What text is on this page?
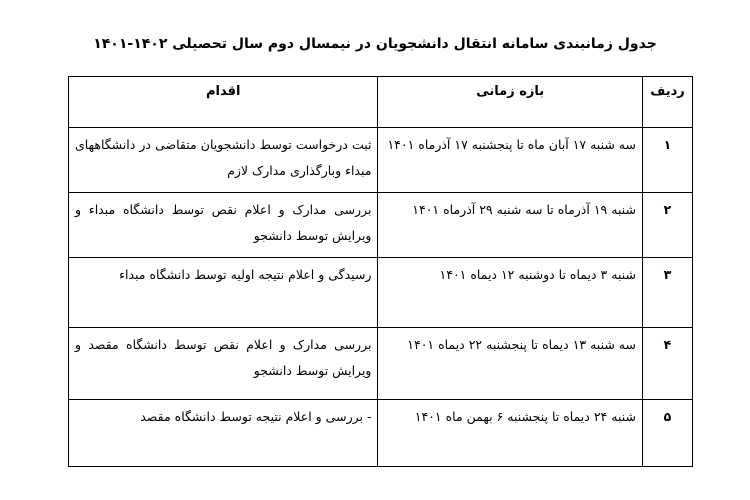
جدول زمانبندی سامانه انتقال دانشجویان در نیمسال دوم سال تحصیلی ۱۴۰۲-۱۴۰۱
ردیف	بازه زمانی	اقدام
۱	سه شنبه ۱۷ آبان ماه تا پنجشنبه ۱۷ آذرماه ۱۴۰۱	ثبت درخواست توسط دانشجویان متقاضی در دانشگاههای مبداء وبارگذاری مدارک لازم
۲	شنبه ۱۹ آذرماه تا سه شنبه ۲۹ آذرماه ۱۴۰۱	بررسی مدارک و اعلام نقص توسط دانشگاه مبداء و ویرایش توسط دانشجو
۳	شنبه ۳ دیماه تا دوشنبه ۱۲ دیماه ۱۴۰۱	رسیدگی و اعلام نتیجه اولیه توسط دانشگاه مبداء
۴	سه شنبه ۱۳ دیماه تا پنجشنبه ۲۲ دیماه ۱۴۰۱	بررسی مدارک و اعلام نقص توسط دانشگاه مقصد و ویرایش توسط دانشجو
۵	شنبه ۲۴ دیماه تا پنجشنبه ۶ بهمن ماه ۱۴۰۱	- بررسی و اعلام نتیجه توسط دانشگاه مقصد
